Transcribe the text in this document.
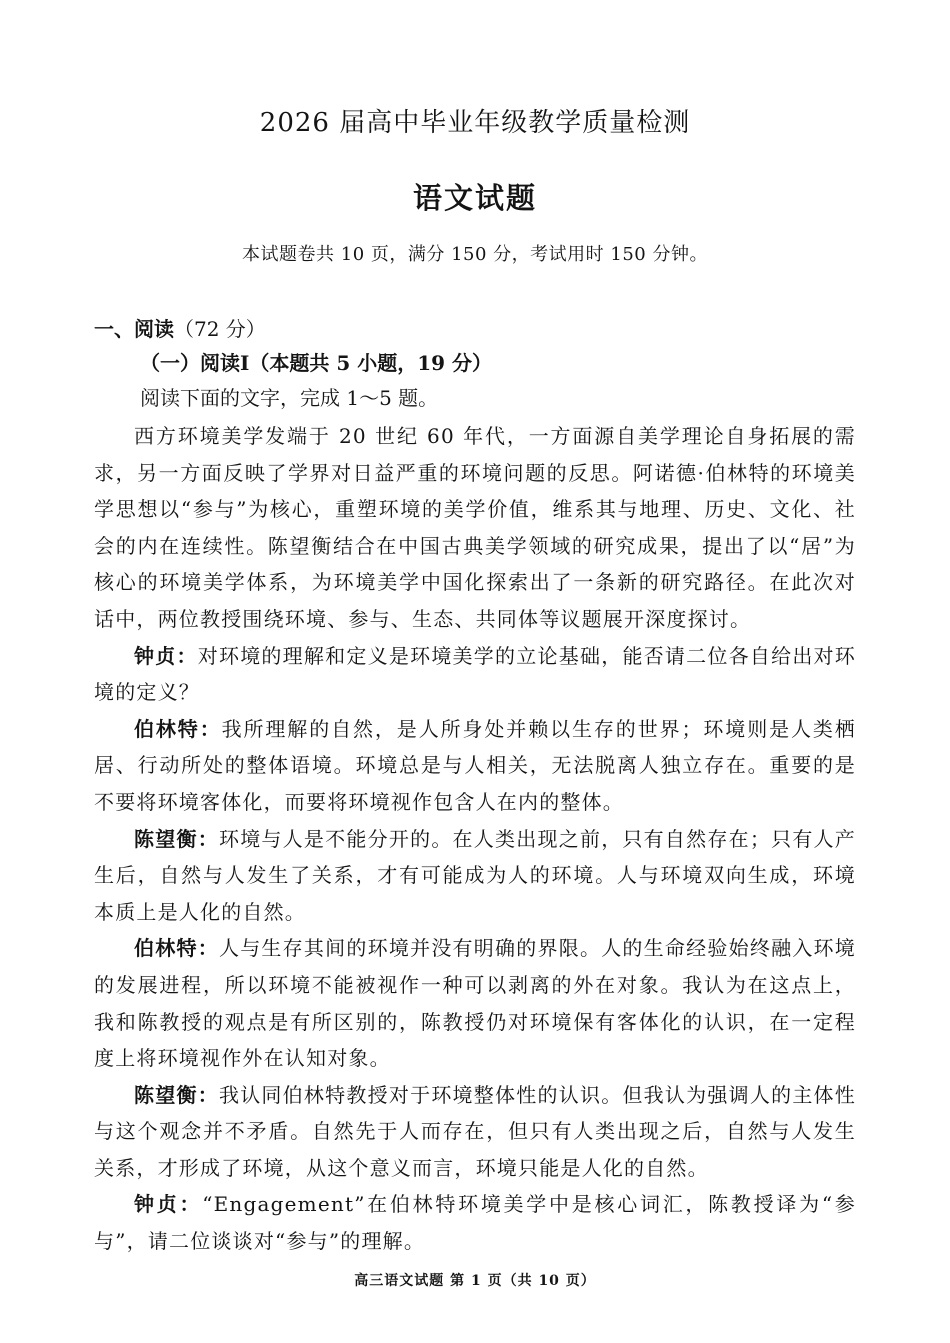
2026 届高中毕业年级教学质量检测
语文试题
本试题卷共 10 页，满分 150 分，考试用时 150 分钟。
一、阅读（72 分）
（一）阅读Ⅰ（本题共 5 小题，19 分）
阅读下面的文字，完成 1～5 题。

西方环境美学发端于 20 世纪 60 年代，一方面源自美学理论自身拓展的需求，另一方面反映了学界对日益严重的环境问题的反思。阿诺德·伯林特的环境美学思想以“参与”为核心，重塑环境的美学价值，维系其与地理、历史、文化、社会的内在连续性。陈望衡结合在中国古典美学领域的研究成果，提出了以“居”为核心的环境美学体系，为环境美学中国化探索出了一条新的研究路径。在此次对话中，两位教授围绕环境、参与、生态、共同体等议题展开深度探讨。

钟贞：对环境的理解和定义是环境美学的立论基础，能否请二位各自给出对环境的定义？

伯林特：我所理解的自然，是人所身处并赖以生存的世界；环境则是人类栖居、行动所处的整体语境。环境总是与人相关，无法脱离人独立存在。重要的是不要将环境客体化，而要将环境视作包含人在内的整体。

陈望衡：环境与人是不能分开的。在人类出现之前，只有自然存在；只有人产生后，自然与人发生了关系，才有可能成为人的环境。人与环境双向生成，环境本质上是人化的自然。

伯林特：人与生存其间的环境并没有明确的界限。人的生命经验始终融入环境的发展进程，所以环境不能被视作一种可以剥离的外在对象。我认为在这点上，我和陈教授的观点是有所区别的，陈教授仍对环境保有客体化的认识，在一定程度上将环境视作外在认知对象。

陈望衡：我认同伯林特教授对于环境整体性的认识。但我认为强调人的主体性与这个观念并不矛盾。自然先于人而存在，但只有人类出现之后，自然与人发生关系，才形成了环境，从这个意义而言，环境只能是人化的自然。

钟贞：“Engagement”在伯林特环境美学中是核心词汇，陈教授译为“参与”，请二位谈谈对“参与”的理解。

高三语文试题 第 1 页（共 10 页）
